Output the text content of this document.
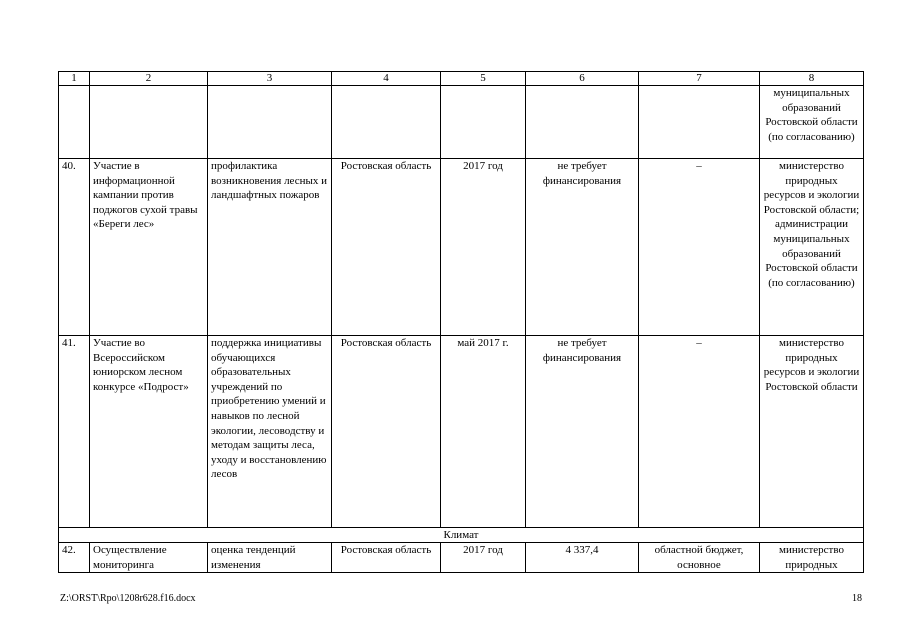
1	2	3	4	5	6	7	8
							муниципальных образований Ростовской области (по согласованию)
40.	Участие в информационной кампании против поджогов сухой травы «Береги лес»	профилактика возникновения лесных и ландшафтных пожаров	Ростовская область	2017 год	не требует финансирования	–	министерство природных ресурсов и экологии Ростовской области; администрации муниципальных образований Ростовской области (по согласованию)
41.	Участие во Всероссийском юниорском лесном конкурсе «Подрост»	поддержка инициативы обучающихся образовательных учреждений по приобретению умений и навыков по лесной экологии, лесоводству и методам защиты леса, уходу и восстановлению лесов	Ростовская область	май 2017 г.	не требует финансирования	–	министерство природных ресурсов и экологии Ростовской области
Климат							
42.	Осуществление мониторинга	оценка тенденций изменения	Ростовская область	2017 год	4 337,4	областной бюджет, основное	министерство природных
Z:\ORST\Rpo\1208r628.f16.docx	18
